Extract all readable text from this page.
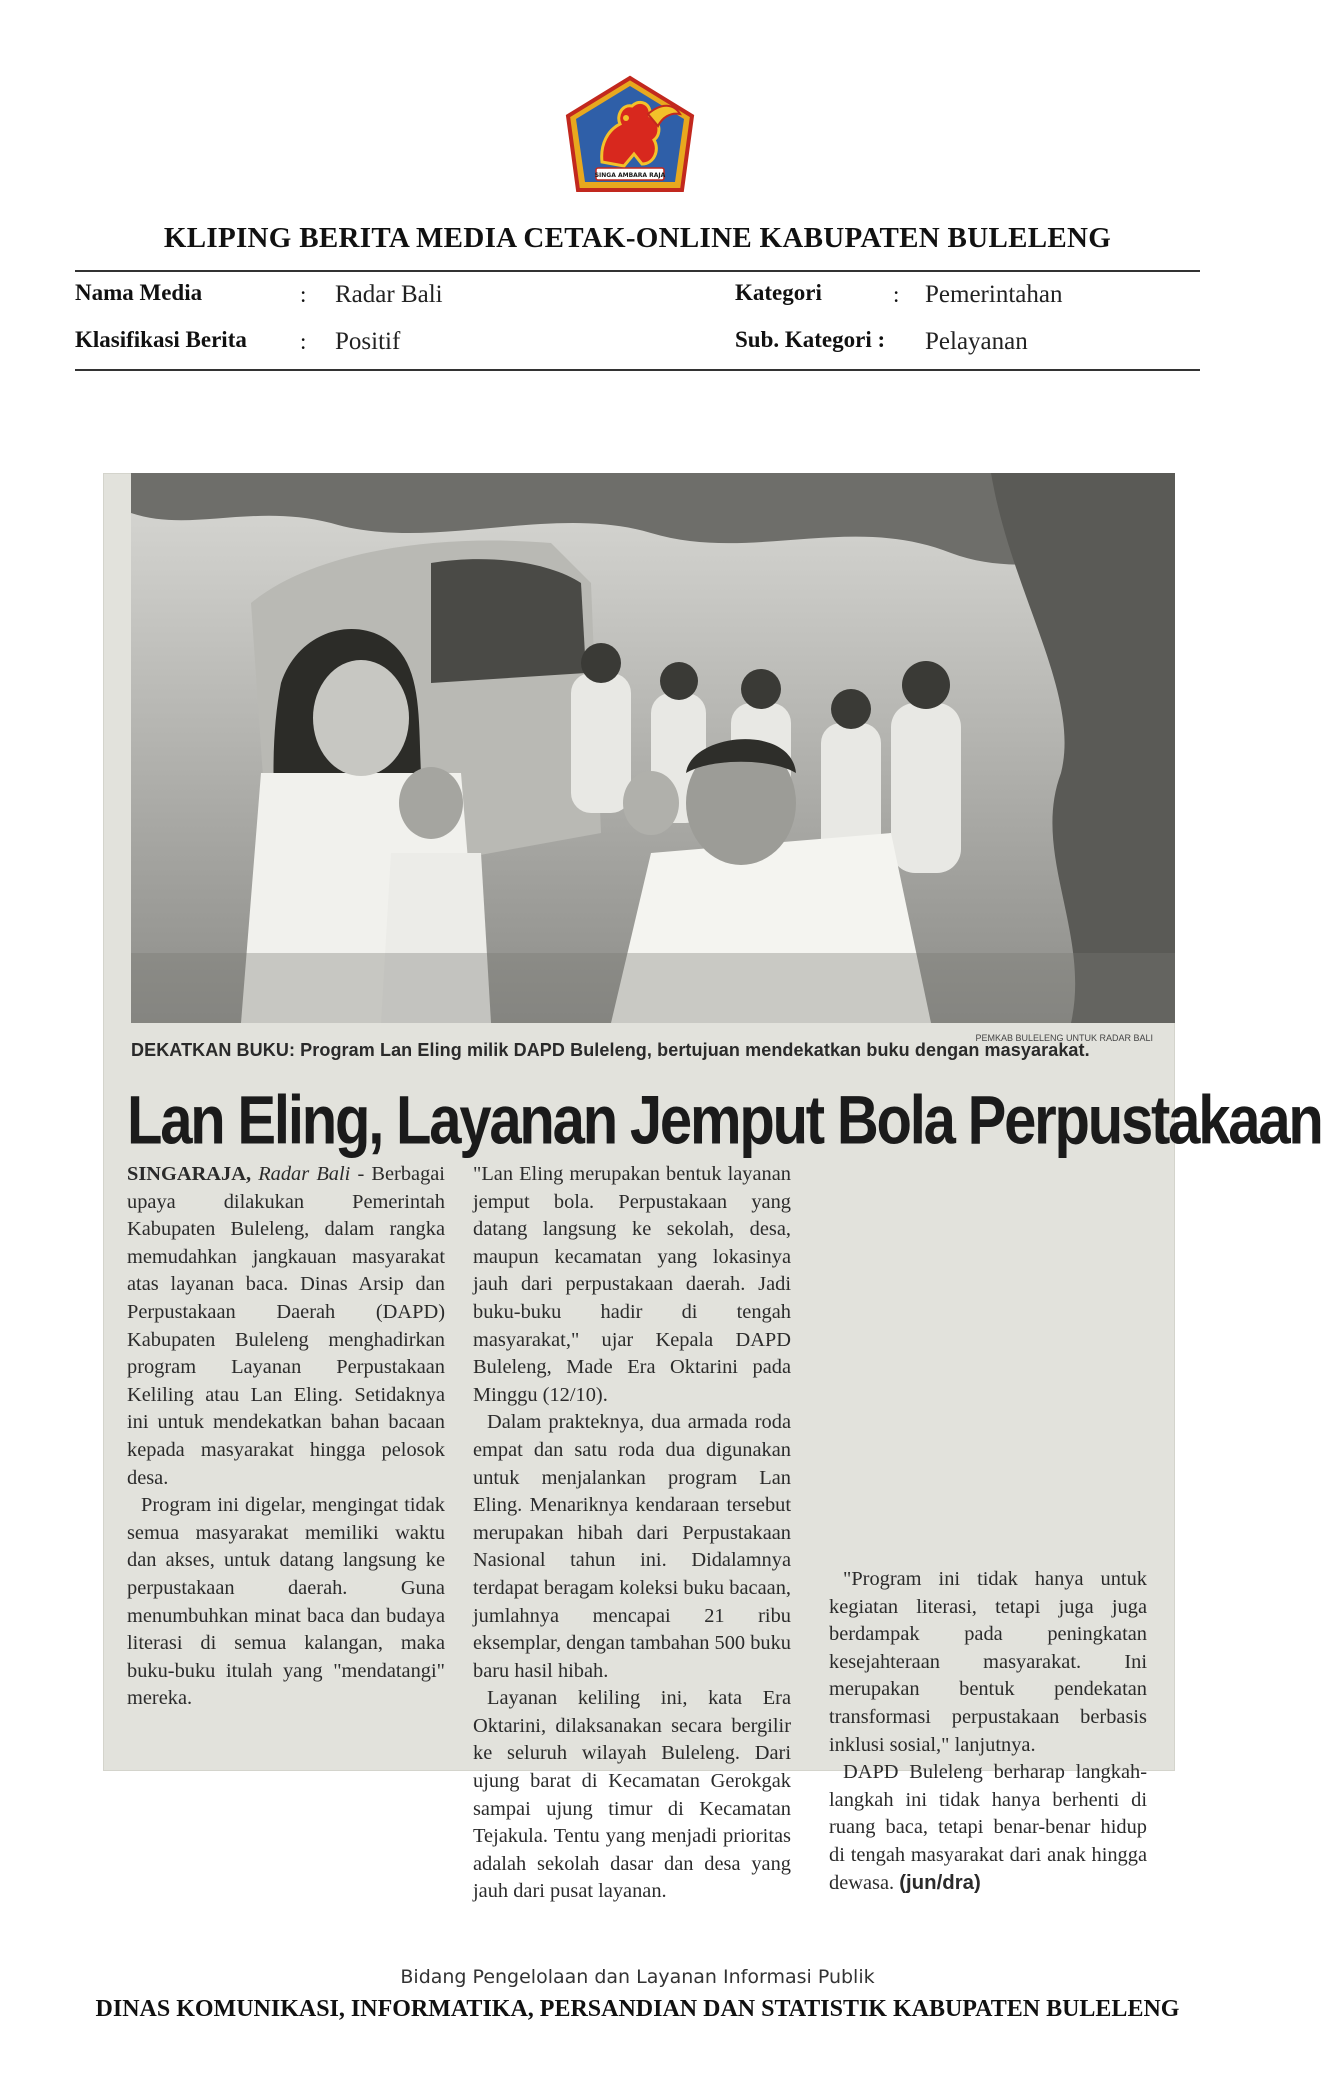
SINGA AMBARA RAJA
KLIPING BERITA MEDIA CETAK-ONLINE KABUPATEN BULELENG
Nama Media	: Radar Bali	Kategori	: Pemerintahan
Klasifikasi Berita : Positif	Sub. Kategori : Pelayanan
PEMKAB BULELENG UNTUK RADAR BALI
DEKATKAN BUKU: Program Lan Eling milik DAPD Buleleng, bertujuan mendekatkan buku dengan masyarakat.
Lan Eling, Layanan Jemput Bola Perpustakaan

SINGARAJA, Radar Bali - Berbagai upaya dilakukan Pemerintah Kabupaten Buleleng, dalam rangka memudahkan jangkauan masyarakat atas layanan baca. Dinas Arsip dan Perpustakaan Daerah (DAPD) Kabupaten Buleleng menghadirkan program Layanan Perpustakaan Keliling atau Lan Eling. Setidaknya ini untuk mendekatkan bahan bacaan kepada masyarakat hingga pelosok desa.

Program ini digelar, mengingat tidak semua masyarakat memiliki waktu dan akses, untuk datang langsung ke perpustakaan daerah. Guna menumbuhkan minat baca dan budaya literasi di semua kalangan, maka buku-buku itulah yang "mendatangi" mereka.

"Lan Eling merupakan bentuk layanan jemput bola. Perpustakaan yang datang langsung ke sekolah, desa, maupun kecamatan yang lokasinya jauh dari perpustakaan daerah. Jadi buku-buku hadir di tengah masyarakat," ujar Kepala DAPD Buleleng, Made Era Oktarini pada Minggu (12/10).

Dalam prakteknya, dua armada roda empat dan satu roda dua digunakan untuk menjalankan program Lan Eling. Menariknya kendaraan tersebut merupakan hibah dari Perpustakaan Nasional tahun ini. Didalamnya terdapat beragam koleksi buku bacaan, jumlahnya mencapai 21 ribu eksemplar, dengan tambahan 500 buku baru hasil hibah.

Layanan keliling ini, kata Era Oktarini, dilaksanakan secara bergilir ke seluruh wilayah Buleleng. Dari ujung barat di Kecamatan Gerokgak sampai ujung timur di Kecamatan Tejakula. Tentu yang menjadi prioritas adalah sekolah dasar dan desa yang jauh dari pusat layanan.

"Program ini tidak hanya untuk kegiatan literasi, tetapi juga juga berdampak pada peningkatan kesejahteraan masyarakat. Ini merupakan bentuk pendekatan transformasi perpustakaan berbasis inklusi sosial," lanjutnya.

DAPD Buleleng berharap langkah-langkah ini tidak hanya berhenti di ruang baca, tetapi benar-benar hidup di tengah masyarakat dari anak hingga dewasa. (jun/dra)

Bidang Pengelolaan dan Layanan Informasi Publik
DINAS KOMUNIKASI, INFORMATIKA, PERSANDIAN DAN STATISTIK KABUPATEN BULELENG
